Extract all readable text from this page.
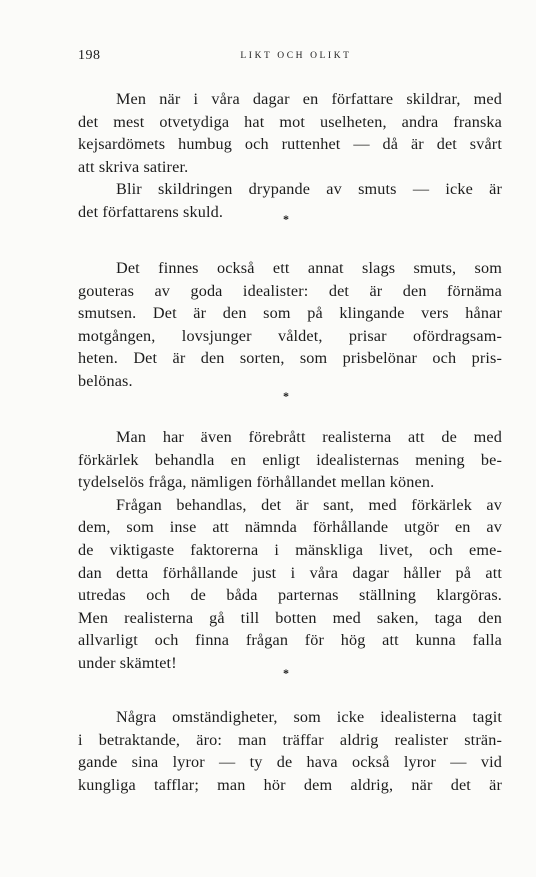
198	LIKT OCH OLIKT

Men när i våra dagar en författare skildrar, med
det mest otvetydiga hat mot uselheten, andra franska
kejsardömets humbug och ruttenhet — då är det svårt
att skriva satirer.

Blir skildringen drypande av smuts — icke är
det författarens skuld.	*

Det finnes också ett annat slags smuts, som
gouteras av goda idealister: det är den förnäma
smutsen. Det är den som på klingande vers hånar
motgången, lovsjunger våldet, prisar ofördragsam-
heten. Det är den sorten, som prisbelönar och pris-
belönas.

*

Man har även förebrått realisterna att de med
förkärlek behandla en enligt idealisternas mening be-
tydelselös fråga, nämligen förhållandet mellan könen.

Frågan behandlas, det är sant, med förkärlek av
dem, som inse att nämnda förhållande utgör en av
de viktigaste faktorerna i mänskliga livet, och eme-
dan detta förhållande just i våra dagar håller på att
utredas och de båda parternas ställning klargöras.
Men realisterna gå till botten med saken, taga den
allvarligt och finna frågan för hög att kunna falla
under skämtet!

*

Några omständigheter, som icke idealisterna tagit
i betraktande, äro: man träffar aldrig realister strän-
gande sina lyror — ty de hava också lyror — vid
kungliga tafflar; man hör dem aldrig, när det är
